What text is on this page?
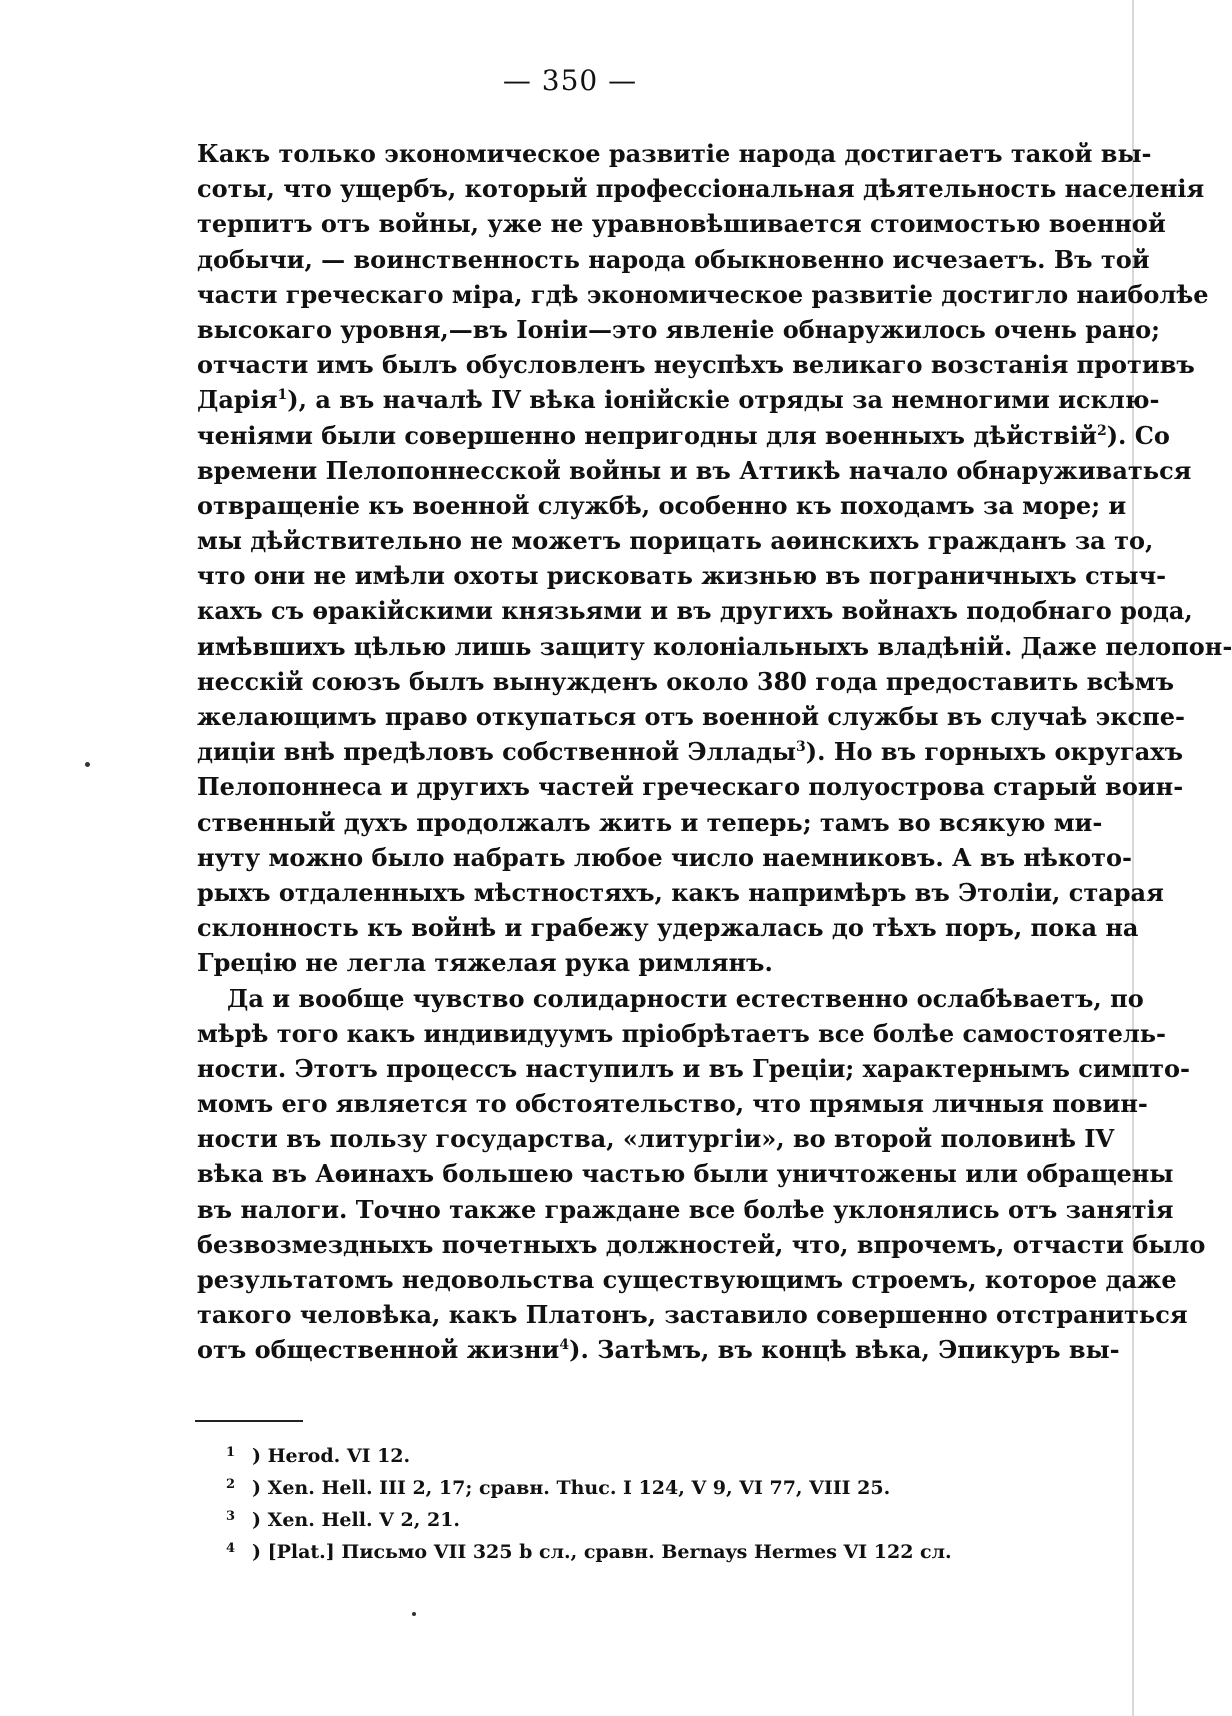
— 350 —
Какъ только экономическое развитіе народа достигаетъ такой вы-
соты, что ущербъ, который профессіональная дѣятельность населенія
терпитъ отъ войны, уже не уравновѣшивается стоимостью военной
добычи, — воинственность народа обыкновенно исчезаетъ. Въ той
части греческаго міра, гдѣ экономическое развитіе достигло наиболѣе
высокаго уровня,—въ Іоніи—это явленіе обнаружилось очень рано;
отчасти имъ былъ обусловленъ неуспѣхъ великаго возстанія противъ
Дарія$^1$), а въ началѣ IV вѣка іонійскіе отряды за немногими исклю-
ченіями были совершенно непригодны для военныхъ дѣйствій$^2$). Со
времени Пелопоннесской войны и въ Аттикѣ начало обнаруживаться
отвращеніе къ военной службѣ, особенно къ походамъ за море; и
мы дѣйствительно не можетъ порицать аѳинскихъ гражданъ за то,
что они не имѣли охоты рисковать жизнью въ пограничныхъ стыч-
кахъ съ ѳракійскими князьями и въ другихъ войнахъ подобнаго рода,
имѣвшихъ цѣлью лишь защиту колоніальныхъ владѣній. Даже пелопон-
несскій союзъ былъ вынужденъ около 380 года предоставить всѣмъ
желающимъ право откупаться отъ военной службы въ случаѣ экспе-
диціи внѣ предѣловъ собственной Эллады$^3$). Но въ горныхъ округахъ
Пелопоннеса и другихъ частей греческаго полуострова старый воин-
ственный духъ продолжалъ жить и теперь; тамъ во всякую ми-
нуту можно было набрать любое число наемниковъ. А въ нѣкото-
рыхъ отдаленныхъ мѣстностяхъ, какъ напримѣръ въ Этоліи, старая
склонность къ войнѣ и грабежу удержалась до тѣхъ поръ, пока на
Грецію не легла тяжелая рука римлянъ.
Да и вообще чувство солидарности естественно ослабѣваетъ, по
мѣрѣ того какъ индивидуумъ пріобрѣтаетъ все болѣе самостоятель-
ности. Этотъ процессъ наступилъ и въ Греціи; характернымъ симпто-
момъ его является то обстоятельство, что прямыя личныя повин-
ности въ пользу государства, «литургіи», во второй половинѣ IV
вѣка въ Аѳинахъ большею частью были уничтожены или обращены
въ налоги. Точно также граждане все болѣе уклонялись отъ занятія
безвозмездныхъ почетныхъ должностей, что, впрочемъ, отчасти было
результатомъ недовольства существующимъ строемъ, которое даже
такого человѣка, какъ Платонъ, заставило совершенно отстраниться
отъ общественной жизни$^4$). Затѣмъ, въ концѣ вѣка, Эпикуръ вы-
$^1$ ) Herod. VI 12.
$^2$ ) Xen. Hell. III 2, 17; сравн. Thuc. I 124, V 9, VI 77, VIII 25.
$^3$ ) Xen. Hell. V 2, 21.
$^4$ ) [Plat.] Письмо VII 325 b сл., сравн. Bernays Hermes VI 122 сл.
